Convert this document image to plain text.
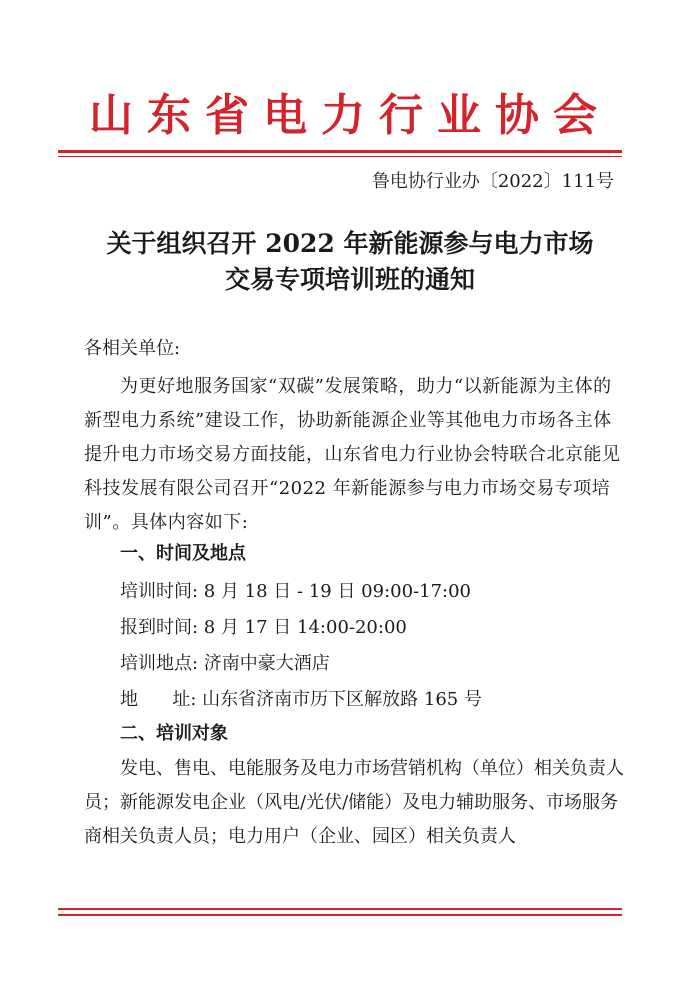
山东省电力行业协会
鲁电协行业办〔2022〕111号
关于组织召开 2022 年新能源参与电力市场
交易专项培训班的通知
各相关单位:
为更好地服务国家“双碳”发展策略，助力“以新能源为主体的新型电力系统”建设工作，协助新能源企业等其他电力市场各主体提升电力市场交易方面技能，山东省电力行业协会特联合北京能见科技发展有限公司召开“2022 年新能源参与电力市场交易专项培训”。具体内容如下:
一、时间及地点
培训时间: 8 月 18 日 - 19 日 09:00-17:00
报到时间: 8 月 17 日 14:00-20:00
培训地点: 济南中豪大酒店
地      址: 山东省济南市历下区解放路 165 号
二、培训对象
发电、售电、电能服务及电力市场营销机构（单位）相关负责人员；新能源发电企业（风电/光伏/储能）及电力辅助服务、市场服务商相关负责人员；电力用户（企业、园区）相关负责人
